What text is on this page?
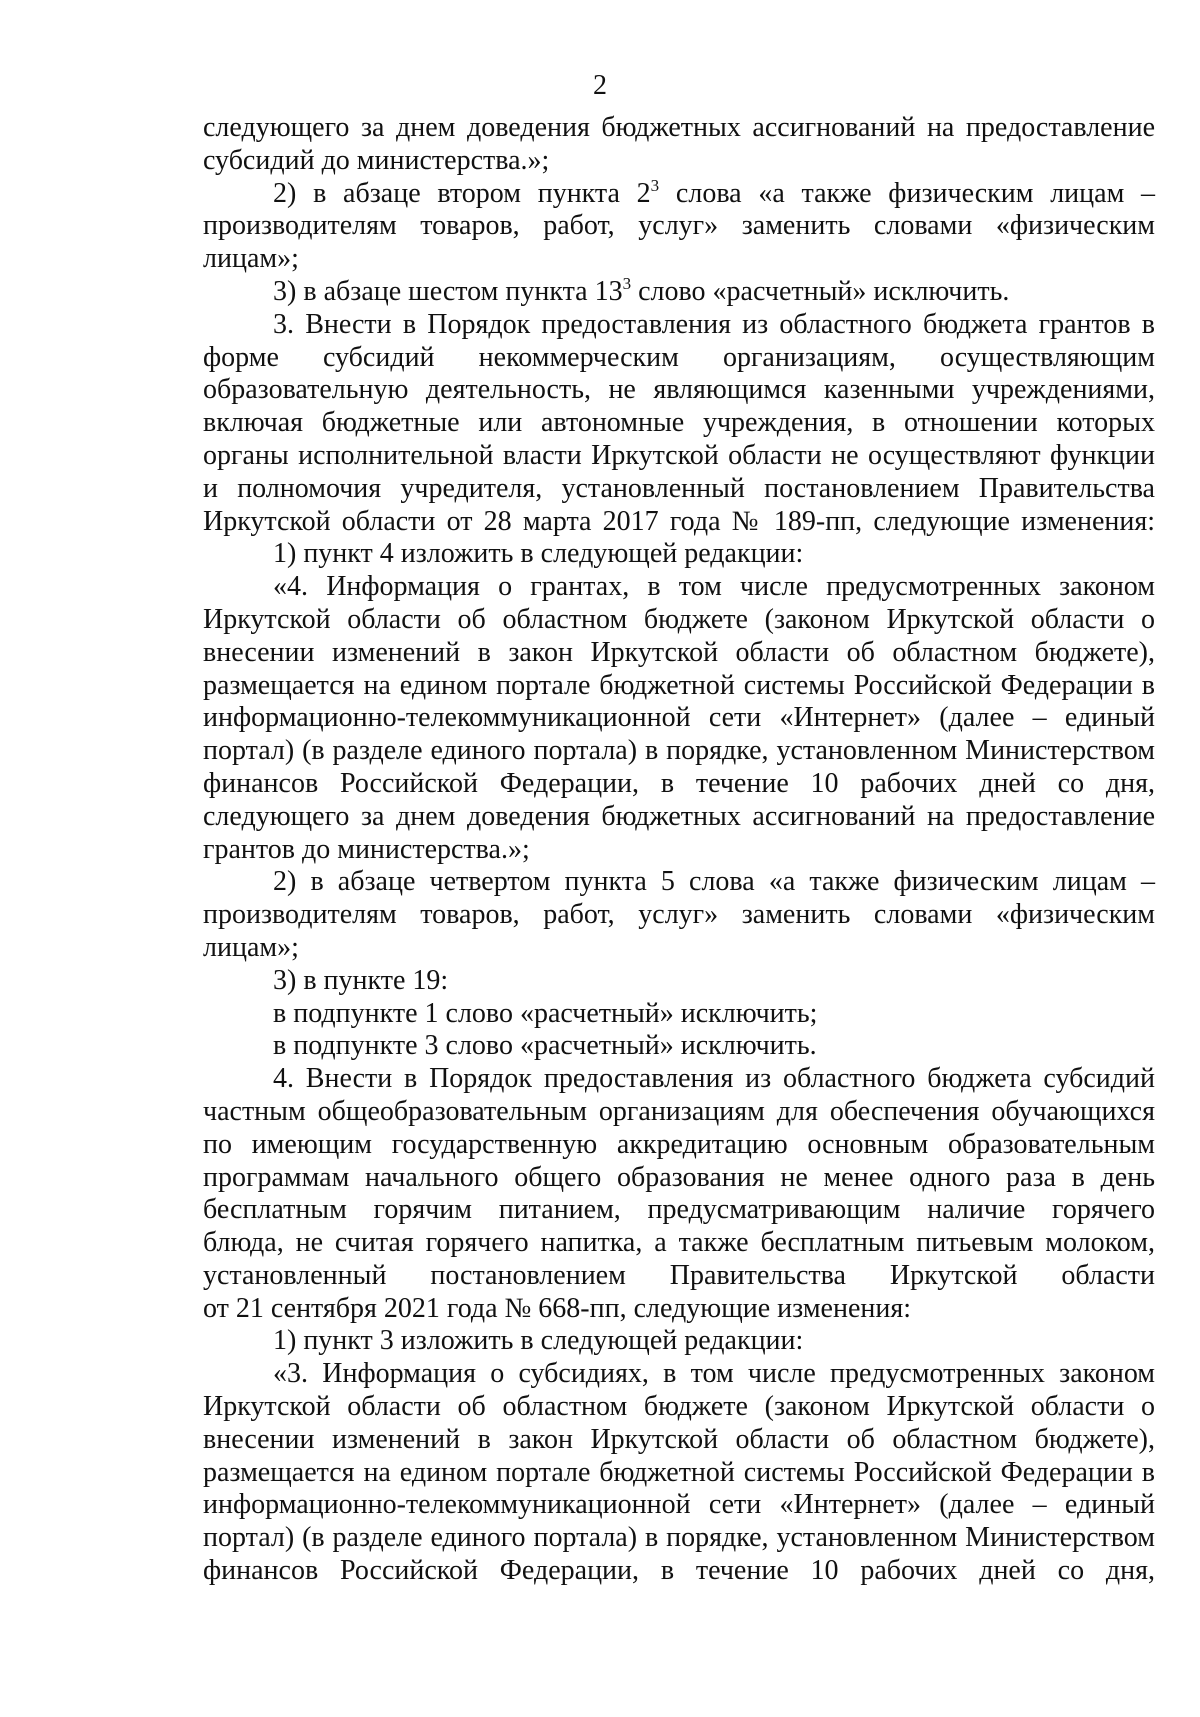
2
следующего за днем доведения бюджетных ассигнований на предоставление
субсидий до министерства.»;
2) в абзаце втором пункта $2^3$ слова «а также физическим лицам –
производителям товаров, работ, услуг» заменить словами «физическим
лицам»;
3) в абзаце шестом пункта $13^3$ слово «расчетный» исключить.
3. Внести в Порядок предоставления из областного бюджета грантов в
форме субсидий некоммерческим организациям, осуществляющим
образовательную деятельность, не являющимся казенными учреждениями,
включая бюджетные или автономные учреждения, в отношении которых
органы исполнительной власти Иркутской области не осуществляют функции
и полномочия учредителя, установленный постановлением Правительства
Иркутской области от 28 марта 2017 года № 189-пп, следующие изменения:
1) пункт 4 изложить в следующей редакции:
«4. Информация о грантах, в том числе предусмотренных законом
Иркутской области об областном бюджете (законом Иркутской области о
внесении изменений в закон Иркутской области об областном бюджете),
размещается на едином портале бюджетной системы Российской Федерации в
информационно-телекоммуникационной сети «Интернет» (далее – единый
портал) (в разделе единого портала) в порядке, установленном Министерством
финансов Российской Федерации, в течение 10 рабочих дней со дня,
следующего за днем доведения бюджетных ассигнований на предоставление
грантов до министерства.»;
2) в абзаце четвертом пункта 5 слова «а также физическим лицам –
производителям товаров, работ, услуг» заменить словами «физическим
лицам»;
3) в пункте 19:
в подпункте 1 слово «расчетный» исключить;
в подпункте 3 слово «расчетный» исключить.
4. Внести в Порядок предоставления из областного бюджета субсидий
частным общеобразовательным организациям для обеспечения обучающихся
по имеющим государственную аккредитацию основным образовательным
программам начального общего образования не менее одного раза в день
бесплатным горячим питанием, предусматривающим наличие горячего
блюда, не считая горячего напитка, а также бесплатным питьевым молоком,
установленный постановлением Правительства Иркутской области
от 21 сентября 2021 года № 668-пп, следующие изменения:
1) пункт 3 изложить в следующей редакции:
«3. Информация о субсидиях, в том числе предусмотренных законом
Иркутской области об областном бюджете (законом Иркутской области о
внесении изменений в закон Иркутской области об областном бюджете),
размещается на едином портале бюджетной системы Российской Федерации в
информационно-телекоммуникационной сети «Интернет» (далее – единый
портал) (в разделе единого портала) в порядке, установленном Министерством
финансов Российской Федерации, в течение 10 рабочих дней со дня,
